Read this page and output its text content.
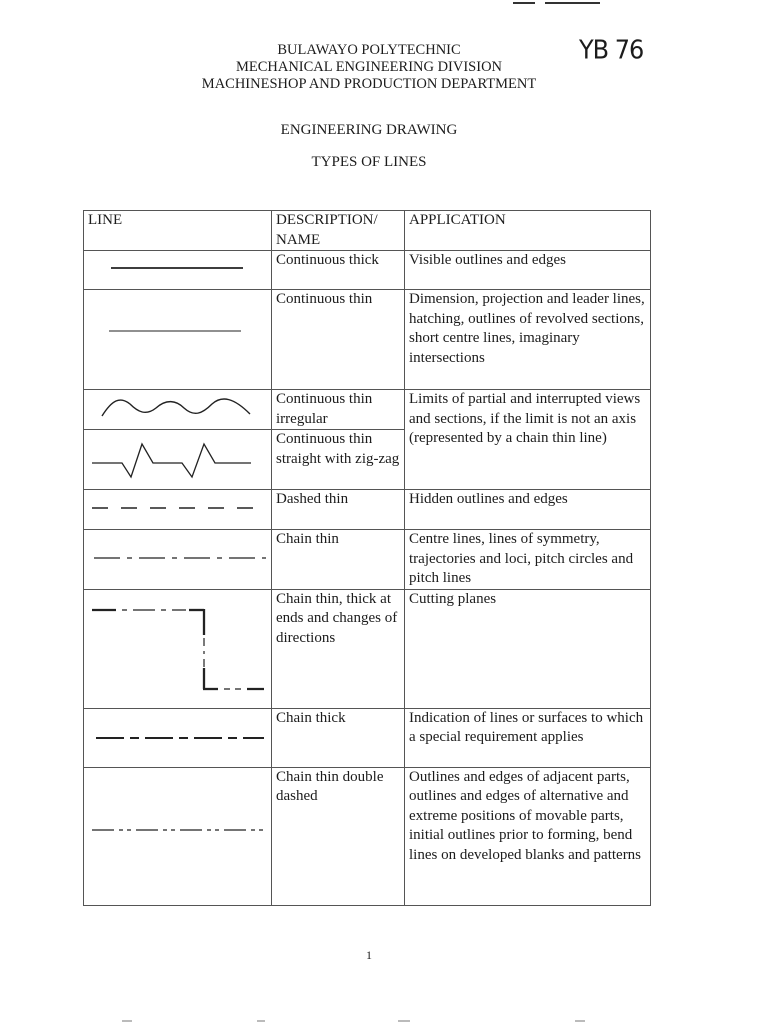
YB 76
BULAWAYO POLYTECHNIC
MECHANICAL ENGINEERING DIVISION
MACHINESHOP AND PRODUCTION DEPARTMENT
ENGINEERING DRAWING
TYPES OF LINES
LINE	DESCRIPTION/ NAME	APPLICATION

	Continuous thick	Visible outlines and edges

	Continuous thin	Dimension, projection and leader lines, hatching, outlines of revolved sections, short centre lines, imaginary intersections

	Continuous thin irregular	Limits of partial and interrupted views and sections, if the limit is not an axis (represented by a chain thin line)

	Continuous thin straight with zig-zag	

	Dashed thin	Hidden outlines and edges

	Chain thin	Centre lines, lines of symmetry, trajectories and loci, pitch circles and pitch lines

	Chain thin, thick at ends and changes of directions	Cutting planes

	Chain thick	Indication of lines or surfaces to which a special requirement applies

	Chain thin double dashed	Outlines and edges of adjacent parts, outlines and edges of alternative and extreme positions of movable parts, initial outlines prior to forming, bend lines on developed blanks and patterns
1
